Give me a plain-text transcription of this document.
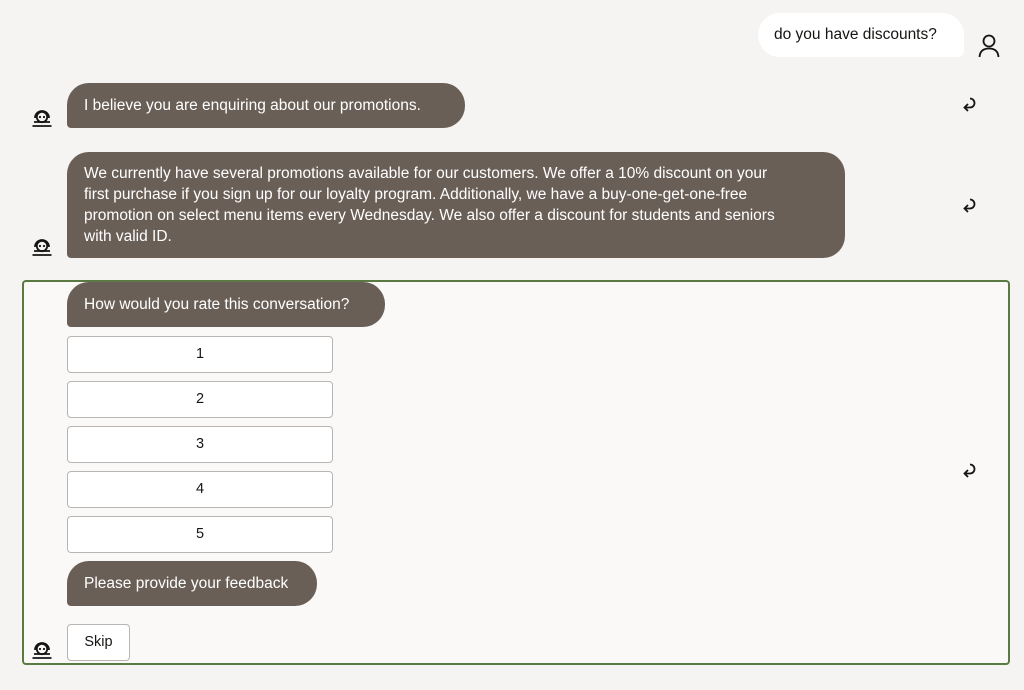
do you have discounts?
I believe you are enquiring about our promotions.
We currently have several promotions available for our customers. We offer a 10% discount on your
first purchase if you sign up for our loyalty program. Additionally, we have a buy-one-get-one-free
promotion on select menu items every Wednesday. We also offer a discount for students and seniors
with valid ID.
How would you rate this conversation?
1
2
3
4
5
Please provide your feedback
Skip
